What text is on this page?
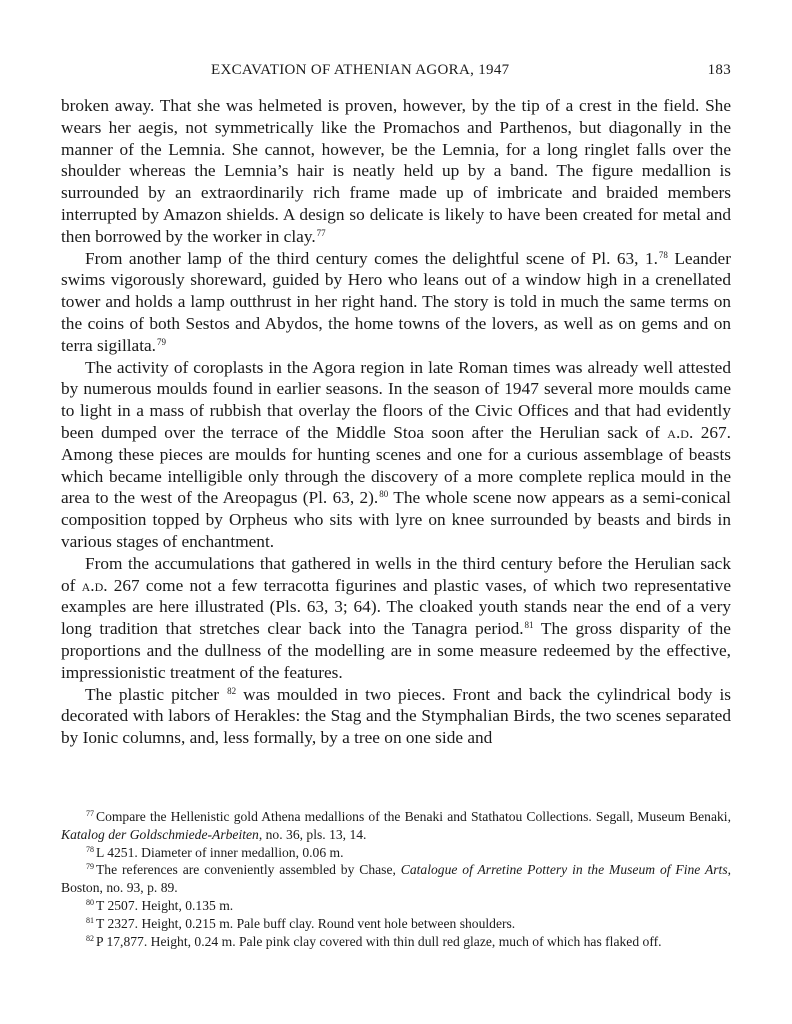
EXCAVATION OF ATHENIAN AGORA, 1947	183

broken away. That she was helmeted is proven, however, by the tip of a crest in the field. She wears her aegis, not symmetrically like the Promachos and Parthenos, but diagonally in the manner of the Lemnia. She cannot, however, be the Lemnia, for a long ringlet falls over the shoulder whereas the Lemnia’s hair is neatly held up by a band. The figure medallion is surrounded by an extraordinarily rich frame made up of imbricate and braided members interrupted by Amazon shields. A design so delicate is likely to have been created for metal and then borrowed by the worker in clay.$^{77}$

From another lamp of the third century comes the delightful scene of Pl. 63, 1.78 Leander swims vigorously shoreward, guided by Hero who leans out of a window high in a crenellated tower and holds a lamp outthrust in her right hand. The story is told in much the same terms on the coins of both Sestos and Abydos, the home towns of the lovers, as well as on gems and on terra sigillata.$^{79}$

The activity of coroplasts in the Agora region in late Roman times was already well attested by numerous moulds found in earlier seasons. In the season of 1947 several more moulds came to light in a mass of rubbish that overlay the floors of the Civic Offices and that had evidently been dumped over the terrace of the Middle Stoa soon after the Herulian sack of a.d. 267. Among these pieces are moulds for hunting scenes and one for a curious assemblage of beasts which became intelligible only through the discovery of a more complete replica mould in the area to the west of the Areopagus (Pl. 63, 2).$^{80}$ The whole scene now appears as a semi-conical composition topped by Orpheus who sits with lyre on knee surrounded by beasts and birds in various stages of enchantment.

From the accumulations that gathered in wells in the third century before the Herulian sack of a.d. 267 come not a few terracotta figurines and plastic vases, of which two representative examples are here illustrated (Pls. 63, 3; 64). The cloaked youth stands near the end of a very long tradition that stretches clear back into the Tanagra period.$^{81}$ The gross disparity of the proportions and the dullness of the modelling are in some measure redeemed by the effective, impressionistic treatment of the features.

The plastic pitcher $^{82}$ was moulded in two pieces. Front and back the cylindrical body is decorated with labors of Herakles: the Stag and the Stymphalian Birds, the two scenes separated by Ionic columns, and, less formally, by a tree on one side and

$^{77}$ Compare the Hellenistic gold Athena medallions of the Benaki and Stathatou Collections. Segall, Museum Benaki, Katalog der Goldschmiede-Arbeiten, no. 36, pls. 13, 14.

$^{78}$ L 4251. Diameter of inner medallion, 0.06 m.

$^{79}$ The references are conveniently assembled by Chase, Catalogue of Arretine Pottery in the Museum of Fine Arts, Boston, no. 93, p. 89.

$^{80}$ T 2507. Height, 0.135 m.

$^{81}$ T 2327. Height, 0.215 m. Pale buff clay. Round vent hole between shoulders.

$^{82}$ P 17,877. Height, 0.24 m. Pale pink clay covered with thin dull red glaze, much of which has flaked off.
